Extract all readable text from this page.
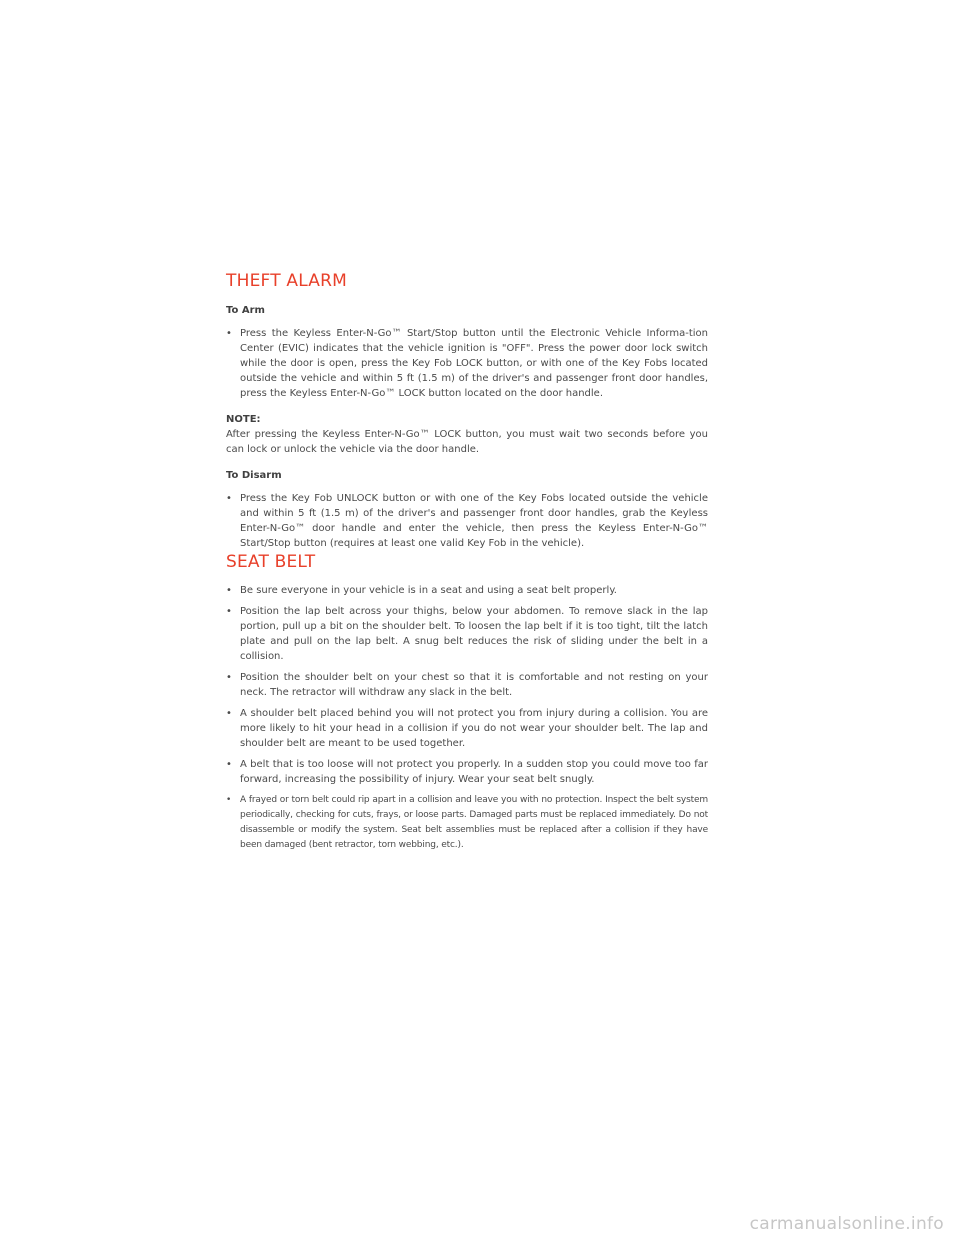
THEFT ALARM

To Arm

• Press the Keyless Enter-N-Go™ Start/Stop button until the Electronic Vehicle Informa-tion Center (EVIC) indicates that the vehicle ignition is "OFF". Press the power door lock switch while the door is open, press the Key Fob LOCK button, or with one of the Key Fobs located outside the vehicle and within 5 ft (1.5 m) of the driver's and passenger front door handles, press the Keyless Enter-N-Go™ LOCK button located on the door handle.

NOTE:

After pressing the Keyless Enter-N-Go™ LOCK button, you must wait two seconds before you can lock or unlock the vehicle via the door handle.

To Disarm

• Press the Key Fob UNLOCK button or with one of the Key Fobs located outside the vehicle and within 5 ft (1.5 m) of the driver's and passenger front door handles, grab the Keyless Enter-N-Go™ door handle and enter the vehicle, then press the Keyless Enter-N-Go™ Start/Stop button (requires at least one valid Key Fob in the vehicle).
SEAT BELT
• Be sure everyone in your vehicle is in a seat and using a seat belt properly.
• Position the lap belt across your thighs, below your abdomen. To remove slack in the lap portion, pull up a bit on the shoulder belt. To loosen the lap belt if it is too tight, tilt the latch plate and pull on the lap belt. A snug belt reduces the risk of sliding under the belt in a collision.
• Position the shoulder belt on your chest so that it is comfortable and not resting on your neck. The retractor will withdraw any slack in the belt.
• A shoulder belt placed behind you will not protect you from injury during a collision. You are more likely to hit your head in a collision if you do not wear your shoulder belt. The lap and shoulder belt are meant to be used together.
• A belt that is too loose will not protect you properly. In a sudden stop you could move too far forward, increasing the possibility of injury. Wear your seat belt snugly.
• A frayed or torn belt could rip apart in a collision and leave you with no protection. Inspect the belt system periodically, checking for cuts, frays, or loose parts. Damaged parts must be replaced immediately. Do not disassemble or modify the system. Seat belt assemblies must be replaced after a collision if they have been damaged (bent retractor, torn webbing, etc.).
carmanualsonline.info
